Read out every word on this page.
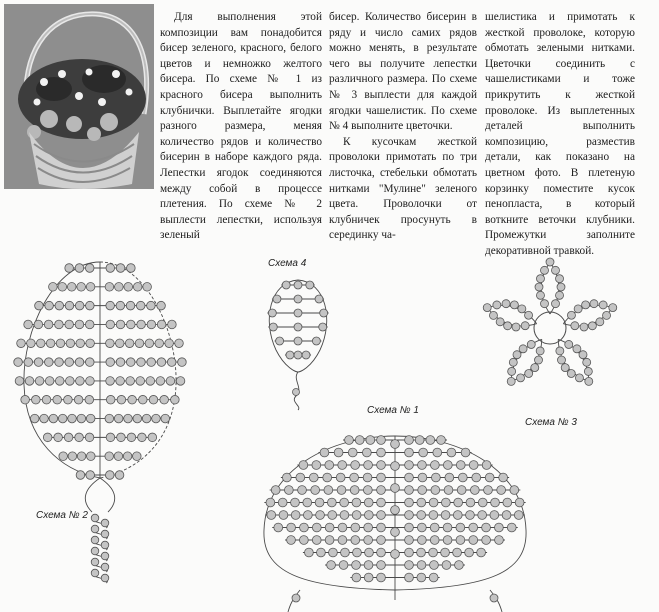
Для выполнения этой композиции вам понадобится бисер зеленого, красного, белого цветов и немножко желтого бисера. По схеме № 1 из красного бисера выполнить клубнички. Выплетайте ягодки разного размера, меняя количество рядов и количество бисерин в наборе каждого ряда. Лепестки ягодок соединяются между собой в процессе плетения. По схеме № 2 выплести лепестки, используя зеленый

бисер. Количество бисерин в ряду и число самих рядов можно менять, в результате чего вы получите лепестки различного размера. По схеме № 3 выплести для каждой ягодки чашелистик. По схеме № 4 выполните цветочки.

К кусочкам жесткой проволоки примотать по три листочка, стебельки обмотать нитками "Мулине" зеленого цвета. Проволочки от клубничек просунуть в серединку ча-

шелистика и примотать к жесткой проволоке, которую обмотать зелеными нитками. Цветочки соединить с чашелистиками и тоже прикрутить к жесткой проволоке. Из выплетенных деталей выполнить композицию, разместив детали, как показано на цветном фото. В плетеную корзинку поместите кусок пенопласта, в который воткните веточки клубники. Промежутки заполните декоративной травкой.

Схема № 2
Схема 4
Схема № 1
Схема № 3
